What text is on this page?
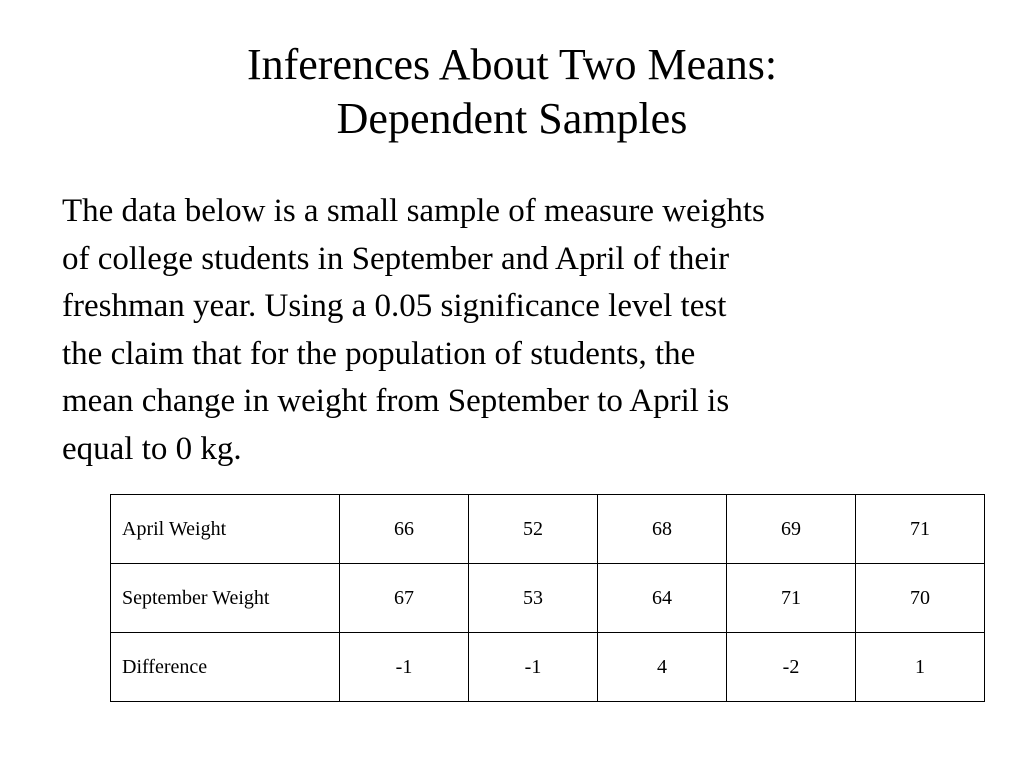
Inferences About Two Means:
Dependent Samples
The data below is a small sample of measure weights
of college students in September and April of their
freshman year. Using a 0.05 significance level test
the claim that for the population of students, the
mean change in weight from September to April is
equal to 0 kg.
April Weight	66	52	68	69	71
September Weight	67	53	64	71	70
Difference	-1	-1	4	-2	1
